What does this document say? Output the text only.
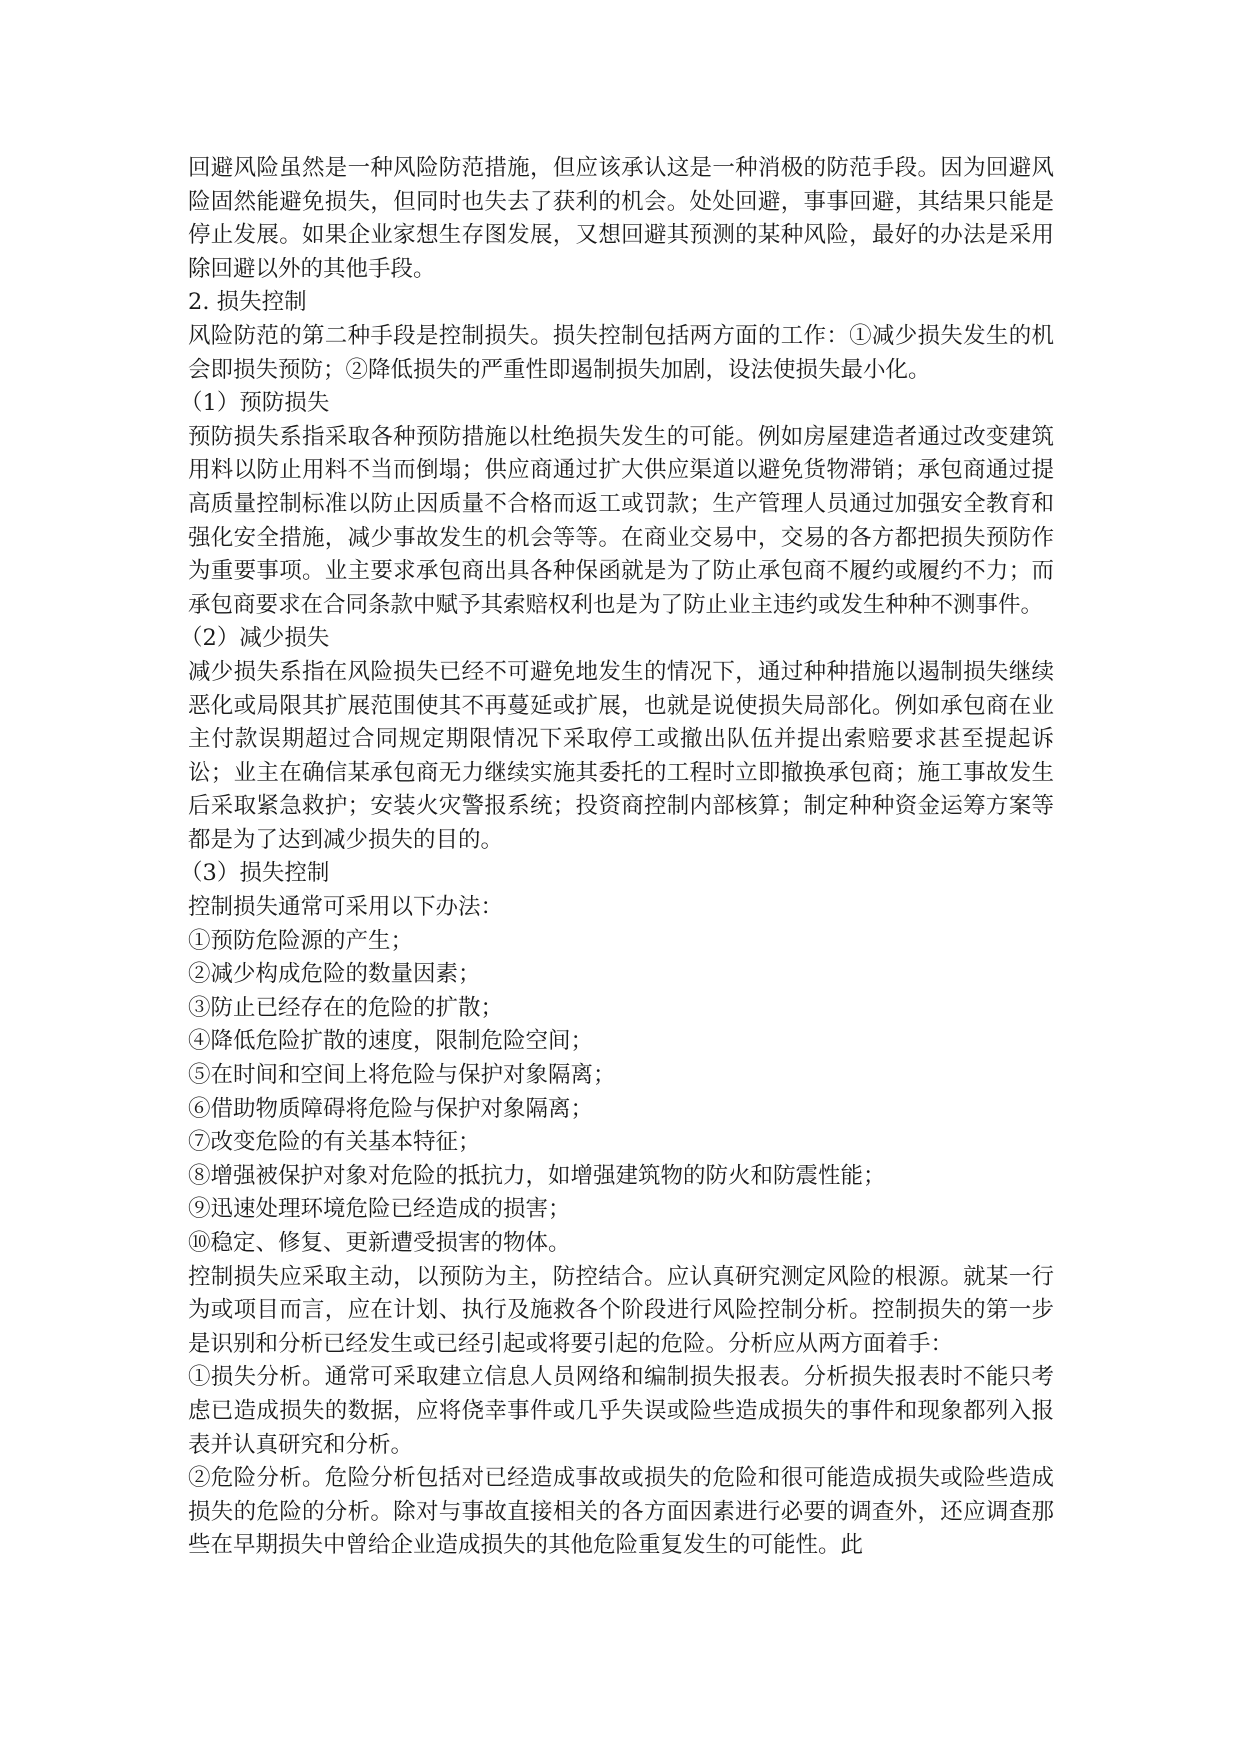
回避风险虽然是一种风险防范措施，但应该承认这是一种消极的防范手段。因为回避风险固然能避免损失，但同时也失去了获利的机会。处处回避，事事回避，其结果只能是停止发展。如果企业家想生存图发展，又想回避其预测的某种风险，最好的办法是采用除回避以外的其他手段。

2. 损失控制

风险防范的第二种手段是控制损失。损失控制包括两方面的工作：①减少损失发生的机会即损失预防；②降低损失的严重性即遏制损失加剧，设法使损失最小化。

（1）预防损失

预防损失系指采取各种预防措施以杜绝损失发生的可能。例如房屋建造者通过改变建筑用料以防止用料不当而倒塌；供应商通过扩大供应渠道以避免货物滞销；承包商通过提高质量控制标准以防止因质量不合格而返工或罚款；生产管理人员通过加强安全教育和强化安全措施，减少事故发生的机会等等。在商业交易中，交易的各方都把损失预防作为重要事项。业主要求承包商出具各种保函就是为了防止承包商不履约或履约不力；而承包商要求在合同条款中赋予其索赔权利也是为了防止业主违约或发生种种不测事件。

（2）减少损失

减少损失系指在风险损失已经不可避免地发生的情况下，通过种种措施以遏制损失继续恶化或局限其扩展范围使其不再蔓延或扩展，也就是说使损失局部化。例如承包商在业主付款误期超过合同规定期限情况下采取停工或撤出队伍并提出索赔要求甚至提起诉讼；业主在确信某承包商无力继续实施其委托的工程时立即撤换承包商；施工事故发生后采取紧急救护；安装火灾警报系统；投资商控制内部核算；制定种种资金运筹方案等都是为了达到减少损失的目的。

（3）损失控制

控制损失通常可采用以下办法：

①预防危险源的产生；

②减少构成危险的数量因素；

③防止已经存在的危险的扩散；

④降低危险扩散的速度，限制危险空间；

⑤在时间和空间上将危险与保护对象隔离；

⑥借助物质障碍将危险与保护对象隔离；

⑦改变危险的有关基本特征；

⑧增强被保护对象对危险的抵抗力，如增强建筑物的防火和防震性能；

⑨迅速处理环境危险已经造成的损害；

⑩稳定、修复、更新遭受损害的物体。

控制损失应采取主动，以预防为主，防控结合。应认真研究测定风险的根源。就某一行为或项目而言，应在计划、执行及施救各个阶段进行风险控制分析。控制损失的第一步是识别和分析已经发生或已经引起或将要引起的危险。分析应从两方面着手：

①损失分析。通常可采取建立信息人员网络和编制损失报表。分析损失报表时不能只考虑已造成损失的数据，应将侥幸事件或几乎失误或险些造成损失的事件和现象都列入报表并认真研究和分析。

②危险分析。危险分析包括对已经造成事故或损失的危险和很可能造成损失或险些造成损失的危险的分析。除对与事故直接相关的各方面因素进行必要的调查外，还应调查那些在早期损失中曾给企业造成损失的其他危险重复发生的可能性。此
